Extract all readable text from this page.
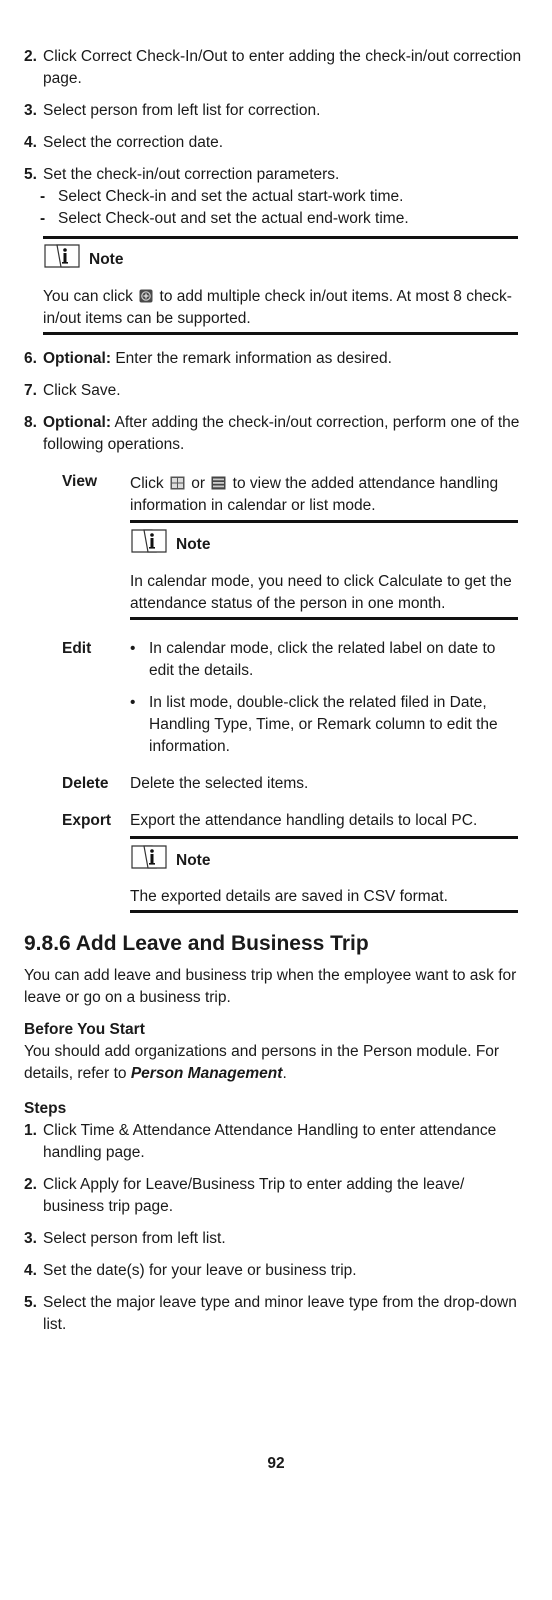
2. Click Correct Check-In/Out to enter adding the check-in/out correction page.
3. Select person from left list for correction.
4. Select the correction date.
5. Set the check-in/out correction parameters.
- Select Check-in and set the actual start-work time.
- Select Check-out and set the actual end-work time.
Note
You can click to add multiple check in/out items. At most 8 check-in/out items can be supported.
6. Optional: Enter the remark information as desired.
7. Click Save.
8. Optional: After adding the check-in/out correction, perform one of the following operations.
View Click or to view the added attendance handling information in calendar or list mode.
Note
In calendar mode, you need to click Calculate to get the attendance status of the person in one month.
Edit • In calendar mode, click the related label on date to edit the details.
• In list mode, double-click the related filed in Date, Handling Type, Time, or Remark column to edit the information.
Delete Delete the selected items.
Export Export the attendance handling details to local PC.
Note
The exported details are saved in CSV format.
9.8.6 Add Leave and Business Trip
You can add leave and business trip when the employee want to ask for leave or go on a business trip.
Before You Start
You should add organizations and persons in the Person module. For details, refer to Person Management.
Steps
1. Click Time & Attendance Attendance Handling to enter attendance handling page.
2. Click Apply for Leave/Business Trip to enter adding the leave/ business trip page.
3. Select person from left list.
4. Set the date(s) for your leave or business trip.
5. Select the major leave type and minor leave type from the drop-down list.
92
